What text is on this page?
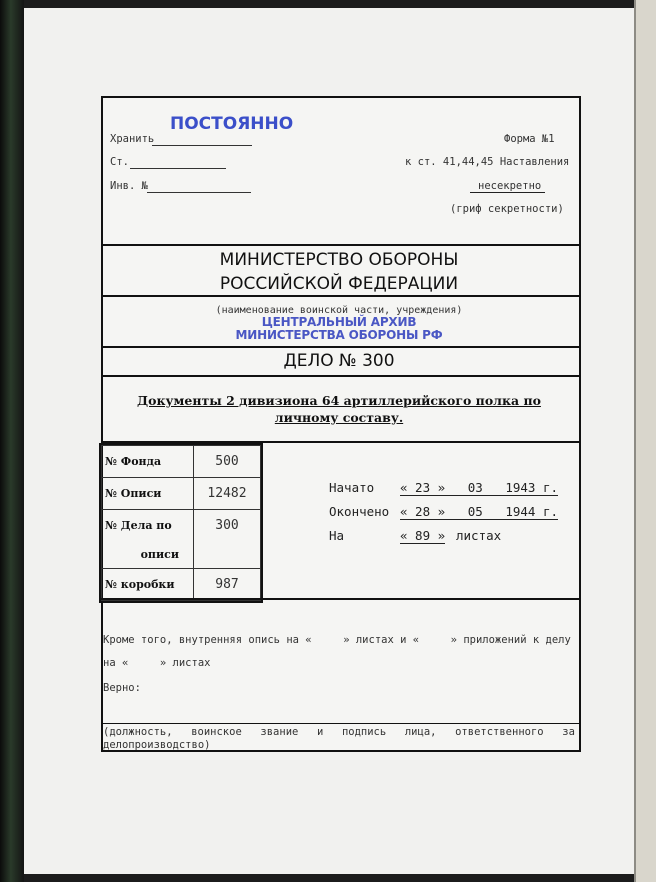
Хранить
ПОСТОЯННО
Форма №1
Ст.	к ст. 41,44,45 Наставления
Инв. №	несекретно
(гриф секретности)
МИНИСТЕРСТВО ОБОРОНЫ
РОССИЙСКОЙ ФЕДЕРАЦИИ
(наименование воинской части, учреждения)
ЦЕНТРАЛЬНЫЙ АРХИВ
МИНИСТЕРСТВА ОБОРОНЫ РФ
ДЕЛО № 300
Документы 2 дивизиона 64 артиллерийского полка по
личному составу.
№ Фонда	500
№ Описи	12482
№ Дела по	300
описи	
№ коробки	987
Начато « 23 »   03   1943 г.
Окончено « 28 »   05   1944 г.
На	« 89 » листах
Кроме того, внутренняя опись на «     » листах и «     » приложений к делу
на «     » листах
Верно:
(должность, воинское звание и подпись лица, ответственного за
делопроизводство)
